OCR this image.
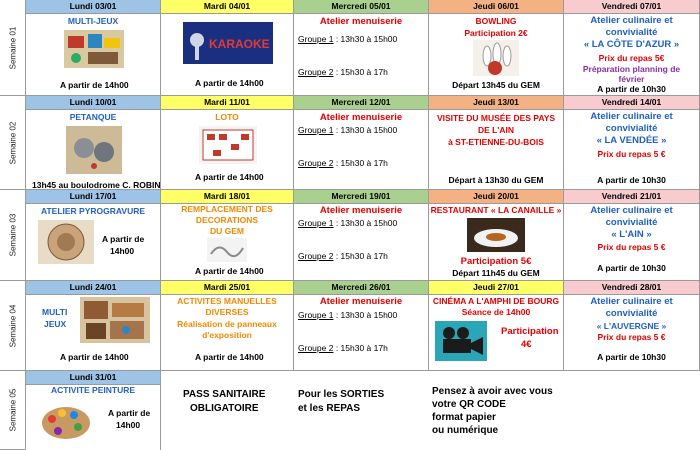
Semaine 01
Semaine 02
Semaine 03
Semaine 04
Semaine 05
Lundi 03/01
MULTI-JEUX
A partir de 14h00
Mardi 04/01
KARAOKE
A partir de 14h00
Mercredi 05/01
Atelier menuiserie
Groupe 1 : 13h30 à 15h00
Groupe 2 : 15h30 à 17h
Jeudi 06/01
BOWLING
Participation 2€
Départ 13h45 du GEM
Vendredi 07/01
Atelier culinaire et
convivialité
« LA CÔTE D'AZUR »
Prix du repas 5€
Préparation planning de
février
A partir de 10h30
Lundi 10/01
PETANQUE
13h45 au boulodrome C. ROBIN
Mardi 11/01
LOTO
A partir de 14h00
Mercredi 12/01
Atelier menuiserie
Groupe 1 : 13h30 à 15h00
Groupe 2 : 15h30 à 17h
Jeudi 13/01
VISITE DU MUSÉE DES PAYS
DE L'AIN
à ST-ETIENNE-DU-BOIS
Départ à 13h30 du GEM
Vendredi 14/01
Atelier culinaire et
convivialité
« LA VENDÉE »
Prix du repas 5 €
A partir de 10h30
Lundi 17/01
ATELIER PYROGRAVURE
A partir de
14h00
Mardi 18/01
REMPLACEMENT DES
DECORATIONS
DU GEM
A partir de 14h00
Mercredi 19/01
Atelier menuiserie
Groupe 1 : 13h30 à 15h00
Groupe 2 : 15h30 à 17h
Jeudi 20/01
RESTAURANT « LA CANAILLE »
Participation 5€
Départ 11h45 du GEM
Vendredi 21/01
Atelier culinaire et
convivialité
« L'AIN »
Prix du repas 5 €
A partir de 10h30
Lundi 24/01
MULTI
JEUX
A partir de 14h00
Mardi 25/01
ACTIVITES MANUELLES
DIVERSES
Réalisation de panneaux
d'exposition
A partir de 14h00
Mercredi 26/01
Atelier menuiserie
Groupe 1 : 13h30 à 15h00
Groupe 2 : 15h30 à 17h
Jeudi 27/01
CINÉMA A L'AMPHI DE BOURG
Séance de 14h00
Participation
4€
Vendredi 28/01
Atelier culinaire et
convivialité
« L'AUVERGNE »
Prix du repas 5 €
A partir de 10h30
Lundi 31/01
ACTIVITE PEINTURE
A partir de
14h00
PASS SANITAIRE
OBLIGATOIRE
Pour les SORTIES
et les REPAS
Pensez à avoir avec vous
votre QR CODE
format papier
ou numérique
